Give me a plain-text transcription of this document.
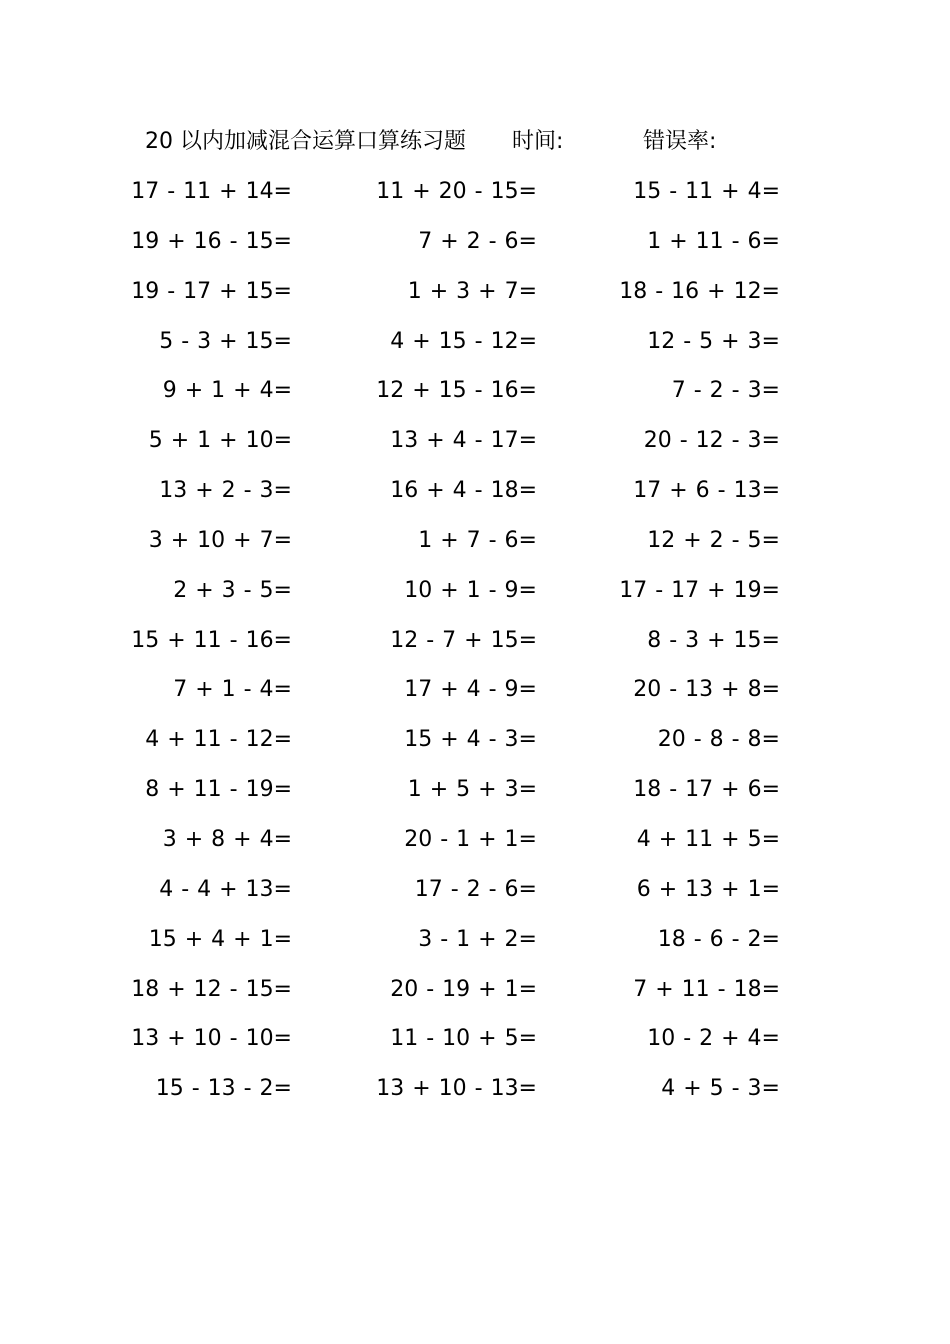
20 以内加减混合运算口算练习题 时间:	错误率:
17 - 11 + 14=	11 + 20 - 15=	15 - 11 + 4=
19 + 16 - 15=	7 + 2 - 6=	1 + 11 - 6=
19 - 17 + 15=	1 + 3 + 7=	18 - 16 + 12=
5 - 3 + 15=	4 + 15 - 12=	12 - 5 + 3=
9 + 1 + 4=	12 + 15 - 16=	7 - 2 - 3=
5 + 1 + 10=	13 + 4 - 17=	20 - 12 - 3=
13 + 2 - 3=	16 + 4 - 18=	17 + 6 - 13=
3 + 10 + 7=	1 + 7 - 6=	12 + 2 - 5=
2 + 3 - 5=	10 + 1 - 9=	17 - 17 + 19=
15 + 11 - 16=	12 - 7 + 15=	8 - 3 + 15=
7 + 1 - 4=	17 + 4 - 9=	20 - 13 + 8=
4 + 11 - 12=	15 + 4 - 3=	20 - 8 - 8=
8 + 11 - 19=	1 + 5 + 3=	18 - 17 + 6=
3 + 8 + 4=	20 - 1 + 1=	4 + 11 + 5=
4 - 4 + 13=	17 - 2 - 6=	6 + 13 + 1=
15 + 4 + 1=	3 - 1 + 2=	18 - 6 - 2=
18 + 12 - 15=	20 - 19 + 1=	7 + 11 - 18=
13 + 10 - 10=	11 - 10 + 5=	10 - 2 + 4=
15 - 13 - 2=	13 + 10 - 13=	4 + 5 - 3=
